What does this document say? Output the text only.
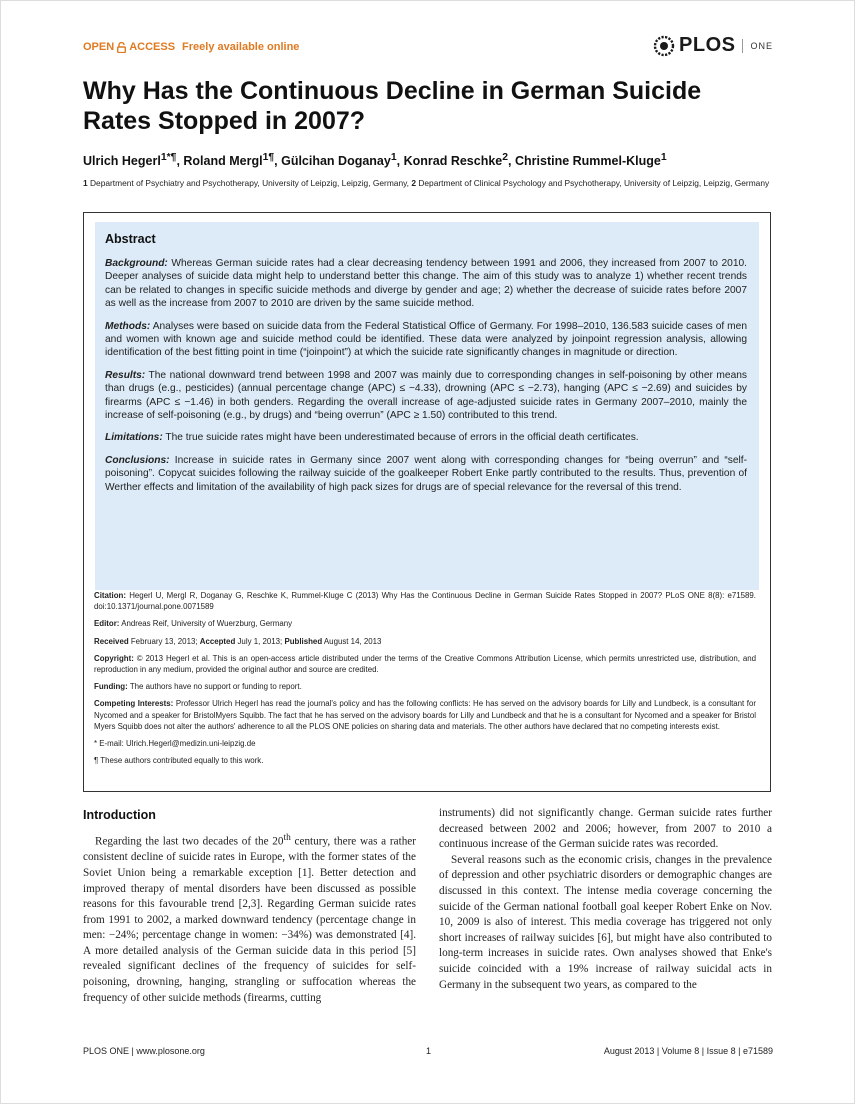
OPEN ACCESS Freely available online	PLOS ONE
Why Has the Continuous Decline in German Suicide
Rates Stopped in 2007?
Ulrich Hegerl$^{1*\P}$, Roland Mergl$^{1\P}$, Gülcihan Doganay$^1$, Konrad Reschke$^2$, Christine Rummel-Kluge$^1$
1 Department of Psychiatry and Psychotherapy, University of Leipzig, Leipzig, Germany, 2 Department of Clinical Psychology and Psychotherapy, University of Leipzig, Leipzig, Germany
Abstract

Background: Whereas German suicide rates had a clear decreasing tendency between 1991 and 2006, they increased from 2007 to 2010. Deeper analyses of suicide data might help to understand better this change. The aim of this study was to analyze 1) whether recent trends can be related to changes in specific suicide methods and diverge by gender and age; 2) whether the decrease of suicide rates before 2007 as well as the increase from 2007 to 2010 are driven by the same suicide method.

Methods: Analyses were based on suicide data from the Federal Statistical Office of Germany. For 1998–2010, 136.583 suicide cases of men and women with known age and suicide method could be identified. These data were analyzed by joinpoint regression analysis, allowing identification of the best fitting point in time (“joinpoint”) at which the suicide rate significantly changes in magnitude or direction.

Results: The national downward trend between 1998 and 2007 was mainly due to corresponding changes in self-poisoning by other means than drugs (e.g., pesticides) (annual percentage change (APC) ≤ −4.33), drowning (APC ≤ −2.73), hanging (APC ≤ −2.69) and suicides by firearms (APC ≤ −1.46) in both genders. Regarding the overall increase of age-adjusted suicide rates in Germany 2007–2010, mainly the increase of self-poisoning (e.g., by drugs) and “being overrun” (APC ≥ 1.50) contributed to this trend.

Limitations: The true suicide rates might have been underestimated because of errors in the official death certificates.

Conclusions: Increase in suicide rates in Germany since 2007 went along with corresponding changes for “being overrun” and “self-poisoning”. Copycat suicides following the railway suicide of the goalkeeper Robert Enke partly contributed to the results. Thus, prevention of Werther effects and limitation of the availability of high pack sizes for drugs are of special relevance for the reversal of this trend.

Citation: Hegerl U, Mergl R, Doganay G, Reschke K, Rummel-Kluge C (2013) Why Has the Continuous Decline in German Suicide Rates Stopped in 2007? PLoS ONE 8(8): e71589. doi:10.1371/journal.pone.0071589

Editor: Andreas Reif, University of Wuerzburg, Germany

Received February 13, 2013; Accepted July 1, 2013; Published August 14, 2013

Copyright: © 2013 Hegerl et al. This is an open-access article distributed under the terms of the Creative Commons Attribution License, which permits unrestricted use, distribution, and reproduction in any medium, provided the original author and source are credited.

Funding: The authors have no support or funding to report.

Competing Interests: Professor Ulrich Hegerl has read the journal's policy and has the following conflicts: He has served on the advisory boards for Lilly and Lundbeck, is a consultant for Nycomed and a speaker for BristolMyers Squibb. The fact that he has served on the advisory boards for Lilly and Lundbeck and that he is a consultant for Nycomed and a speaker for Bristol Myers Squibb does not alter the authors' adherence to all the PLOS ONE policies on sharing data and materials. The other authors have declared that no competing interests exist.

* E-mail: Ulrich.Hegerl@medizin.uni-leipzig.de

¶ These authors contributed equally to this work.

Introduction

Regarding the last two decades of the 20th century, there was a rather consistent decline of suicide rates in Europe, with the former states of the Soviet Union being a remarkable exception [1]. Better detection and improved therapy of mental disorders have been discussed as possible reasons for this favourable trend [2,3]. Regarding German suicide rates from 1991 to 2002, a marked downward tendency (percentage change in men: −24%; percentage change in women: −34%) was demonstrated [4]. A more detailed analysis of the German suicide data in this period [5] revealed significant declines of the frequency of suicides for self-poisoning, drowning, hanging, strangling or suffocation whereas the frequency of other suicide methods (firearms, cutting

instruments) did not significantly change. German suicide rates further decreased between 2002 and 2006; however, from 2007 to 2010 a continuous increase of the German suicide rates was recorded.

Several reasons such as the economic crisis, changes in the prevalence of depression and other psychiatric disorders or demographic changes are discussed in this context. The intense media coverage concerning the suicide of the German national football goal keeper Robert Enke on Nov. 10, 2009 is also of interest. This media coverage has triggered not only short increases of railway suicides [6], but might have also contributed to long-term increases in suicide rates. Own analyses showed that Enke's suicide coincided with a 19% increase of railway suicidal acts in Germany in the subsequent two years, as compared to the

PLOS ONE | www.plosone.org	1	August 2013 | Volume 8 | Issue 8 | e71589
